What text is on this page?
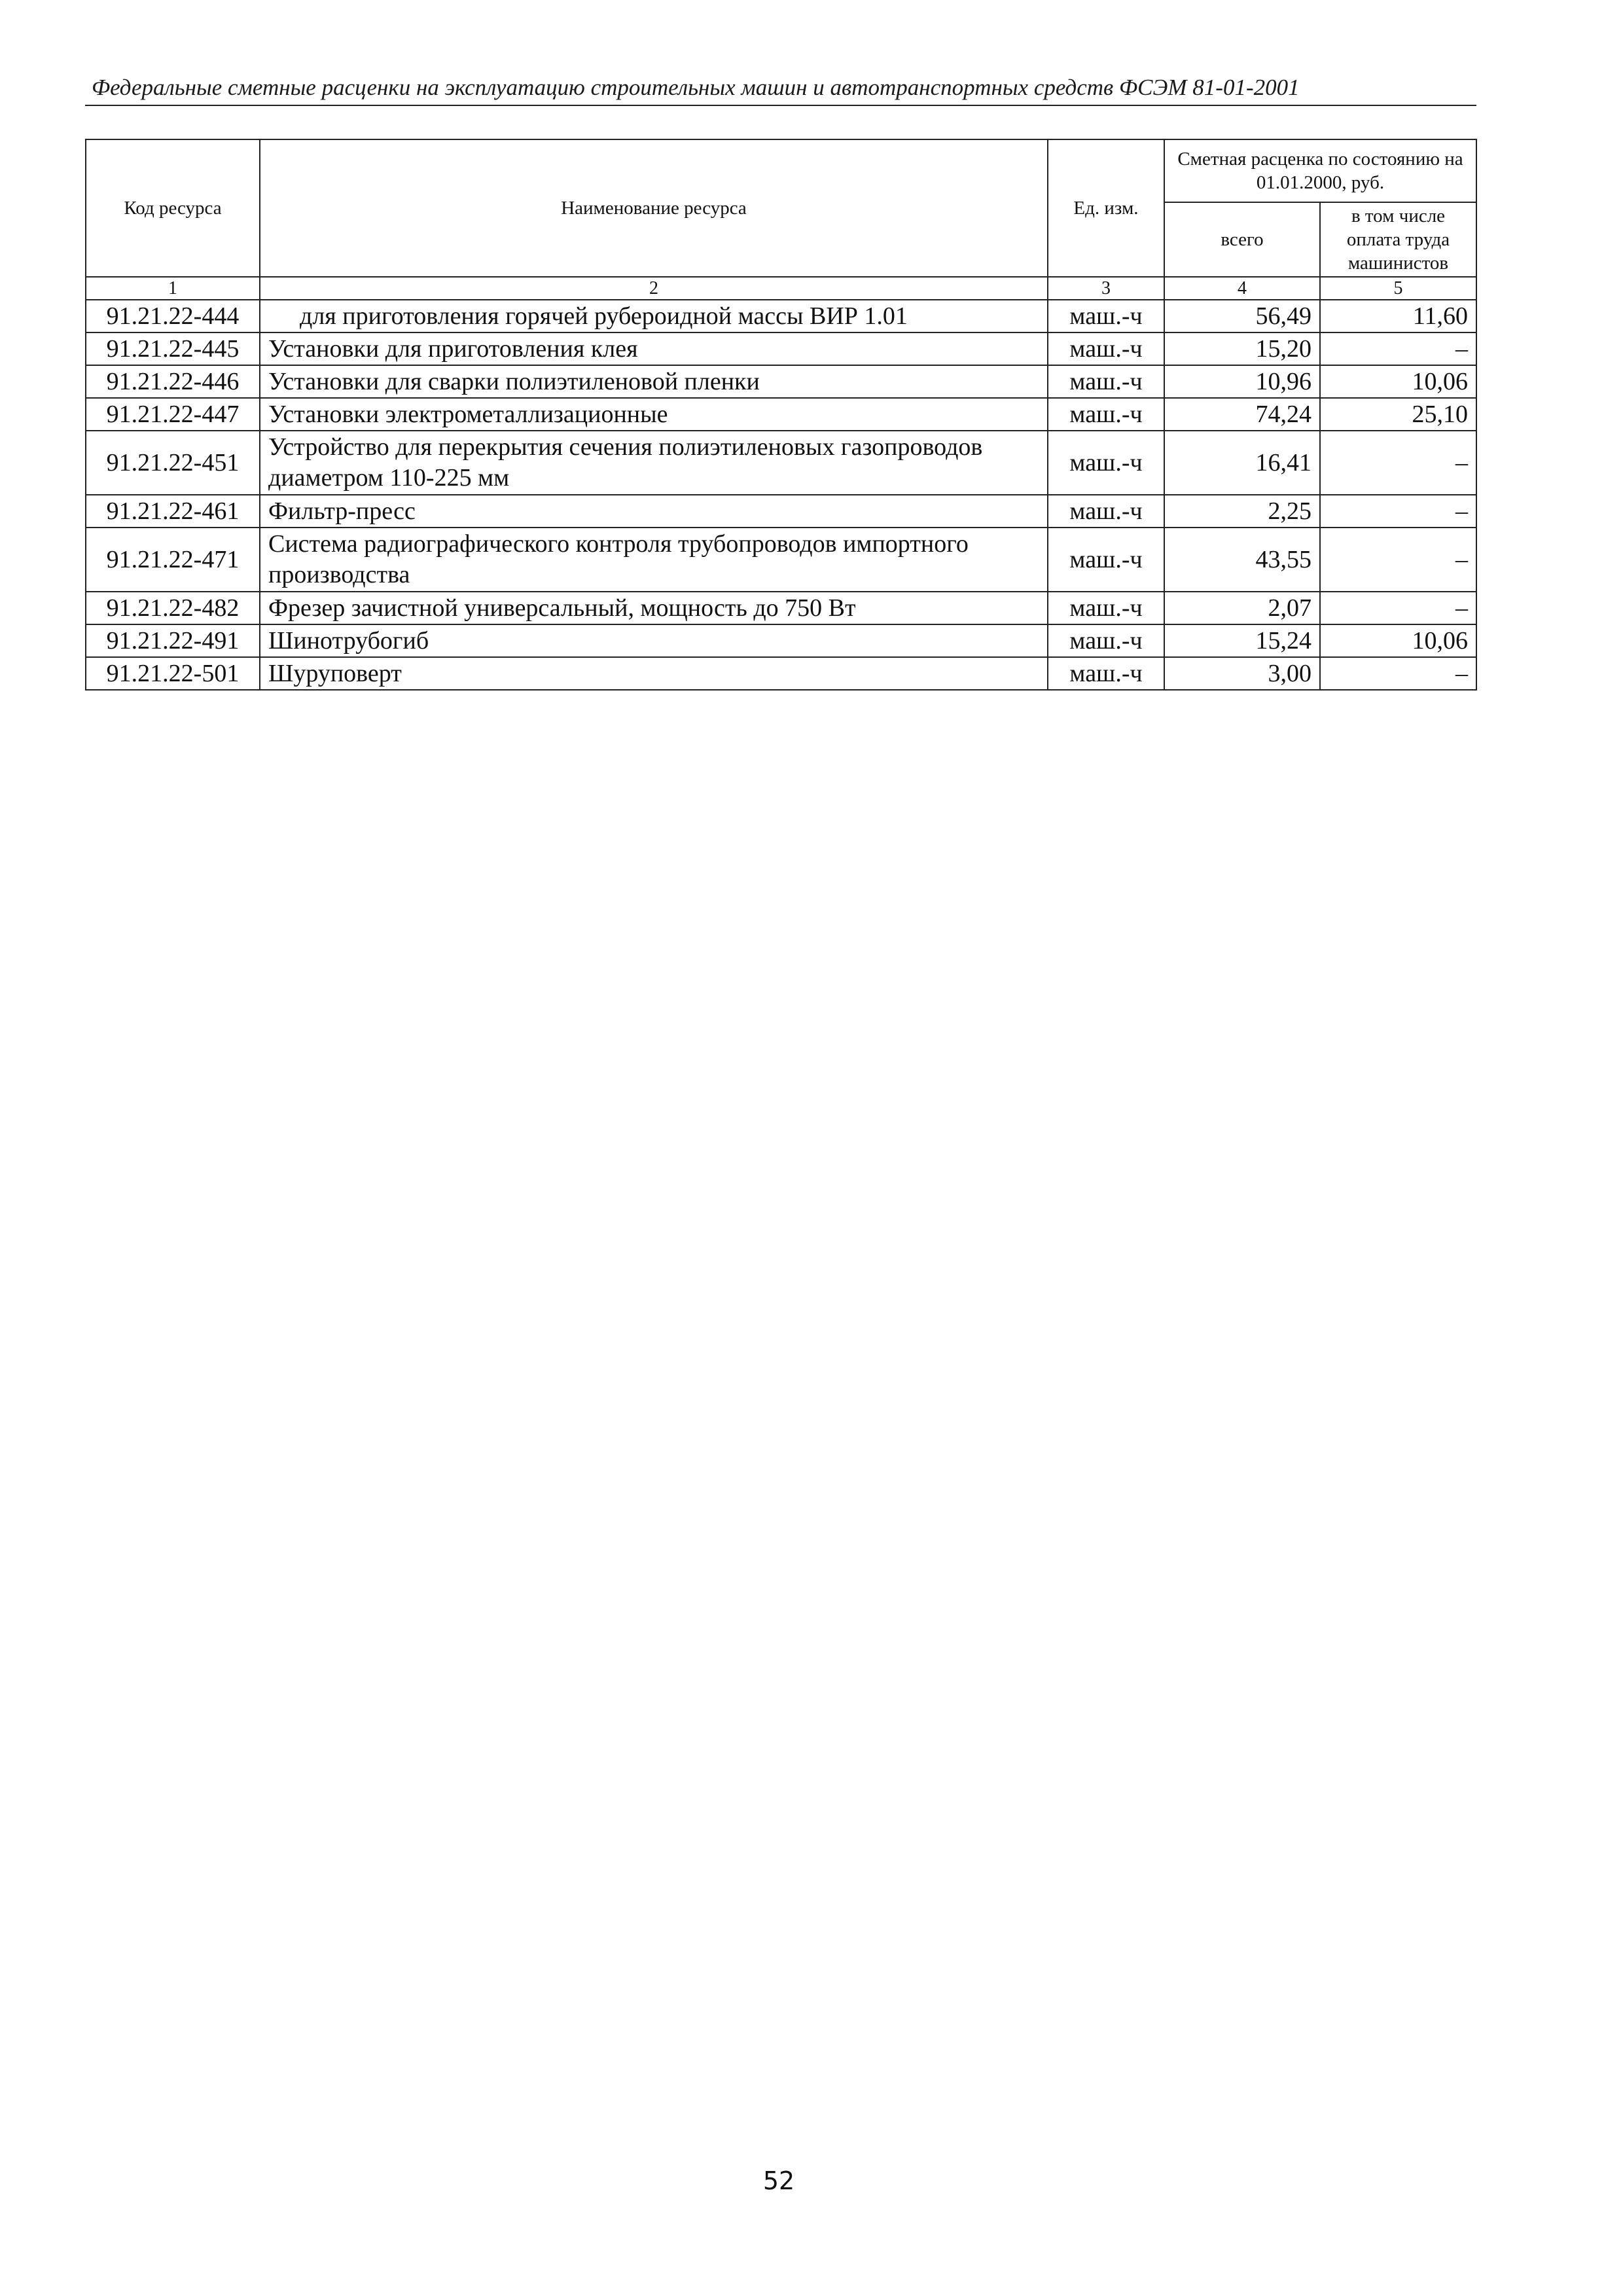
Федеральные сметные расценки на эксплуатацию строительных машин и автотранспортных средств ФСЭМ 81-01-2001
Код ресурса	Наименование ресурса	Ед. изм.	Сметная расценка по состоянию на 01.01.2000, руб.	
			всего	в том числе оплата труда машинистов
1	2	3	4	5
91.21.22-444	для приготовления горячей рубероидной массы ВИР 1.01	маш.-ч	56,49	11,60
91.21.22-445	Установки для приготовления клея	маш.-ч	15,20	–
91.21.22-446	Установки для сварки полиэтиленовой пленки	маш.-ч	10,96	10,06
91.21.22-447	Установки электрометаллизационные	маш.-ч	74,24	25,10
91.21.22-451	Устройство для перекрытия сечения полиэтиленовых газопроводов диаметром 110-225 мм	маш.-ч	16,41	–
91.21.22-461	Фильтр-пресс	маш.-ч	2,25	–
91.21.22-471	Система радиографического контроля трубопроводов импортного производства	маш.-ч	43,55	–
91.21.22-482	Фрезер зачистной универсальный, мощность до 750 Вт	маш.-ч	2,07	–
91.21.22-491	Шинотрубогиб	маш.-ч	15,24	10,06
91.21.22-501	Шуруповерт	маш.-ч	3,00	–
52
